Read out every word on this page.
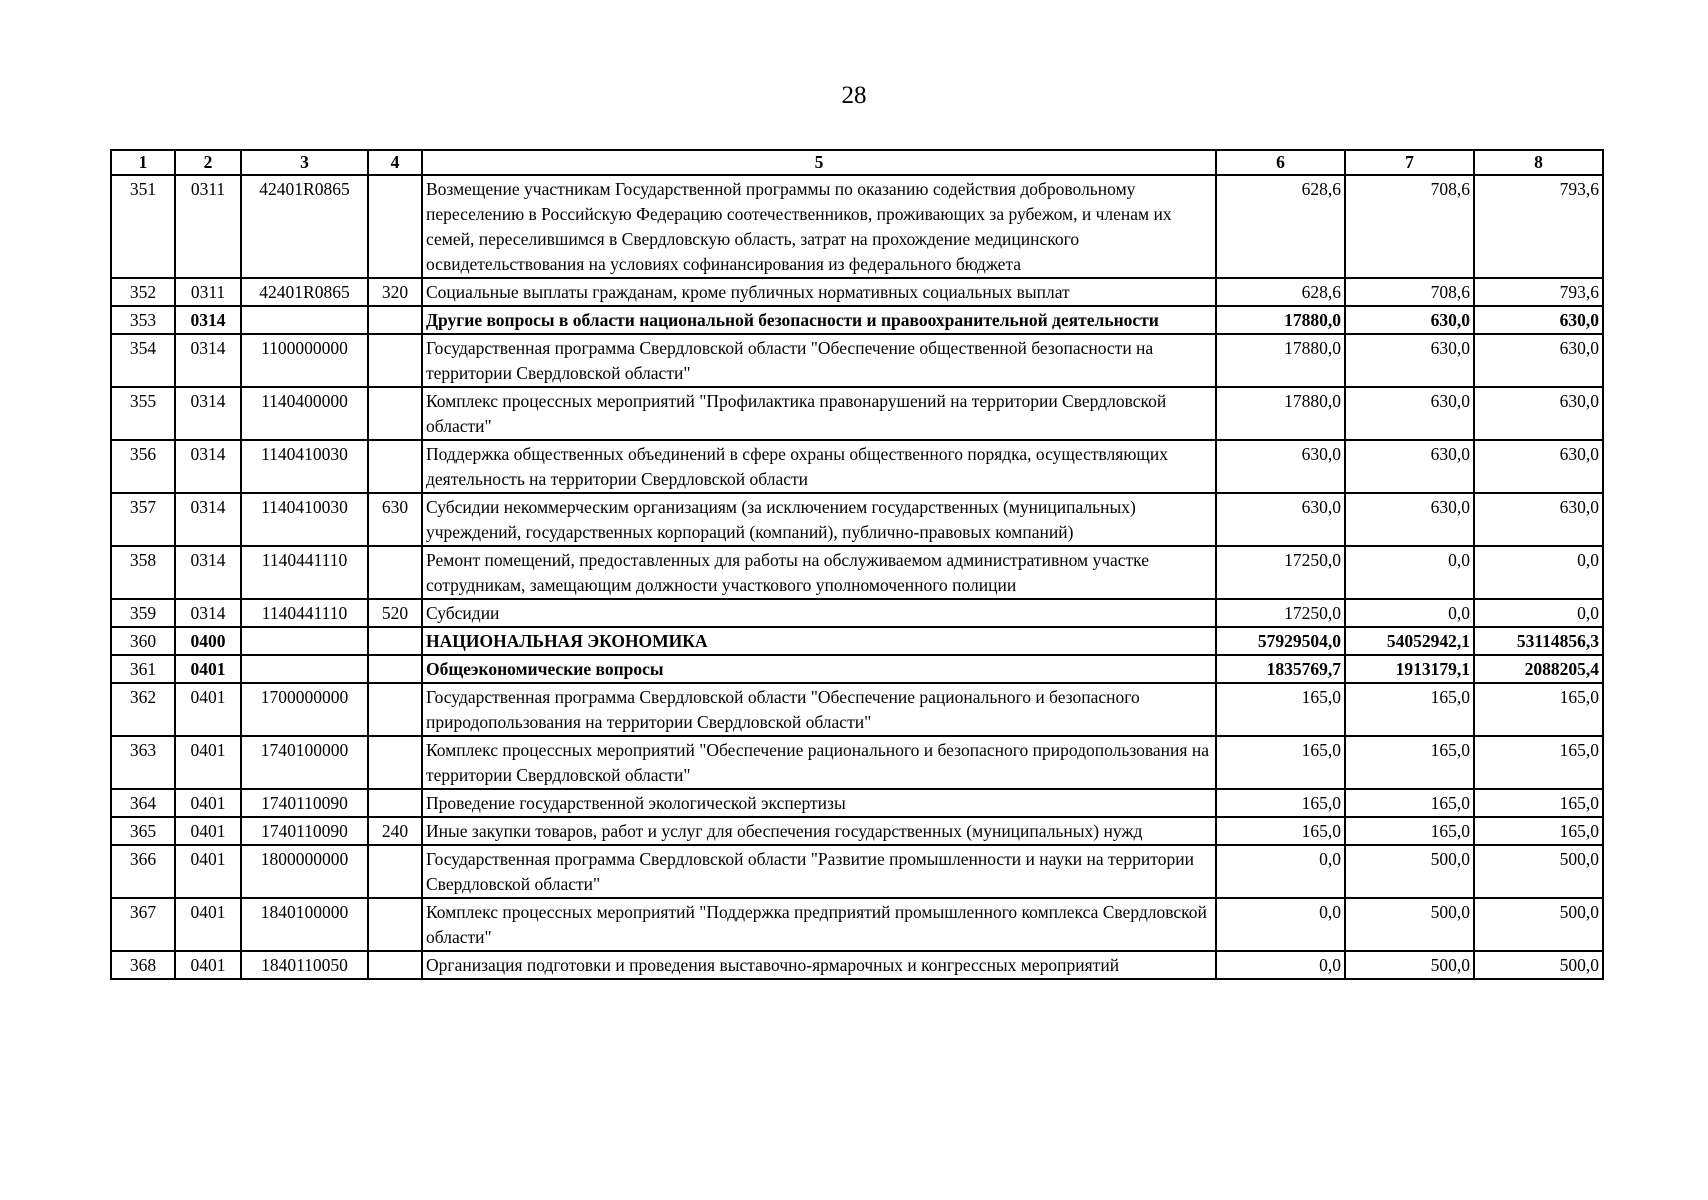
28
1	2	3	4	5	6	7	8
351	0311	42401R0865		Возмещение участникам Государственной программы по оказанию содействия добровольному переселению в Российскую Федерацию соотечественников, проживающих за рубежом, и членам их семей, переселившимся в Свердловскую область, затрат на прохождение медицинского освидетельствования на условиях софинансирования из федерального бюджета	628,6	708,6	793,6
352	0311	42401R0865	320	Социальные выплаты гражданам, кроме публичных нормативных социальных выплат	628,6	708,6	793,6
353	0314			Другие вопросы в области национальной безопасности и правоохранительной деятельности	17880,0	630,0	630,0
354	0314	1100000000		Государственная программа Свердловской области "Обеспечение общественной безопасности на территории Свердловской области"	17880,0	630,0	630,0
355	0314	1140400000		Комплекс процессных мероприятий "Профилактика правонарушений на территории Свердловской области"	17880,0	630,0	630,0
356	0314	1140410030		Поддержка общественных объединений в сфере охраны общественного порядка, осуществляющих деятельность на территории Свердловской области	630,0	630,0	630,0
357	0314	1140410030	630	Субсидии некоммерческим организациям (за исключением государственных (муниципальных) учреждений, государственных корпораций (компаний), публично-правовых компаний)	630,0	630,0	630,0
358	0314	1140441110		Ремонт помещений, предоставленных для работы на обслуживаемом административном участке сотрудникам, замещающим должности участкового уполномоченного полиции	17250,0	0,0	0,0
359	0314	1140441110	520	Субсидии	17250,0	0,0	0,0
360	0400			НАЦИОНАЛЬНАЯ ЭКОНОМИКА	57929504,0	54052942,1	53114856,3
361	0401			Общеэкономические вопросы	1835769,7	1913179,1	2088205,4
362	0401	1700000000		Государственная программа Свердловской области "Обеспечение рационального и безопасного природопользования на территории Свердловской области"	165,0	165,0	165,0
363	0401	1740100000		Комплекс процессных мероприятий "Обеспечение рационального и безопасного природопользования на территории Свердловской области"	165,0	165,0	165,0
364	0401	1740110090		Проведение государственной экологической экспертизы	165,0	165,0	165,0
365	0401	1740110090	240	Иные закупки товаров, работ и услуг для обеспечения государственных (муниципальных) нужд	165,0	165,0	165,0
366	0401	1800000000		Государственная программа Свердловской области "Развитие промышленности и науки на территории Свердловской области"	0,0	500,0	500,0
367	0401	1840100000		Комплекс процессных мероприятий "Поддержка предприятий промышленного комплекса Свердловской области"	0,0	500,0	500,0
368	0401	1840110050		Организация подготовки и проведения выставочно-ярмарочных и конгрессных мероприятий	0,0	500,0	500,0
